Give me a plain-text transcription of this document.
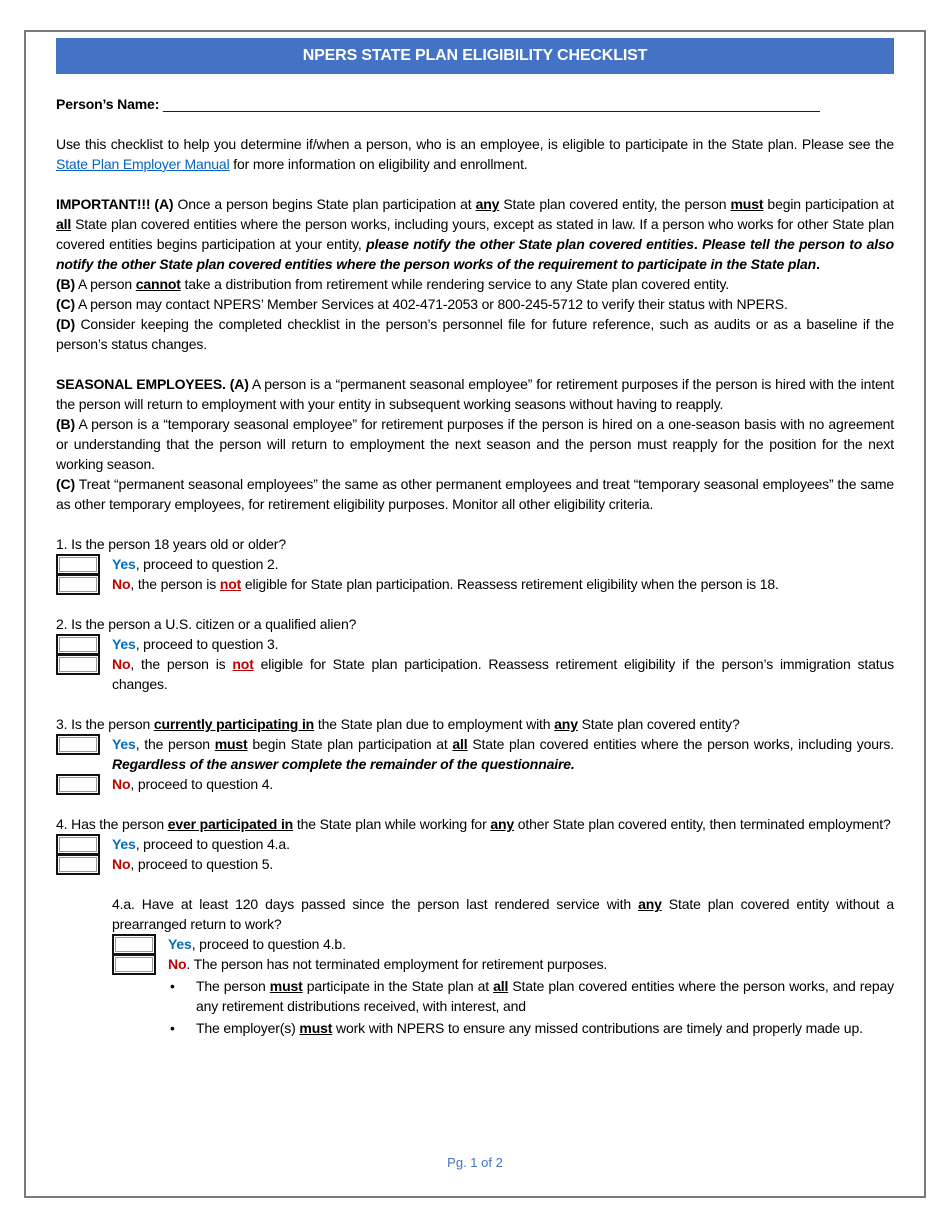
NPERS STATE PLAN ELIGIBILITY CHECKLIST

Person’s Name: ______________________________________________________________________________________

Use this checklist to help you determine if/when a person, who is an employee, is eligible to participate in the State plan. Please see the State Plan Employer Manual for more information on eligibility and enrollment.

IMPORTANT!!! (A) Once a person begins State plan participation at any State plan covered entity, the person must begin participation at all State plan covered entities where the person works, including yours, except as stated in law. If a person who works for other State plan covered entities begins participation at your entity, please notify the other State plan covered entities. Please tell the person to also notify the other State plan covered entities where the person works of the requirement to participate in the State plan.

(B) A person cannot take a distribution from retirement while rendering service to any State plan covered entity.

(C) A person may contact NPERS’ Member Services at 402-471-2053 or 800-245-5712 to verify their status with NPERS.

(D) Consider keeping the completed checklist in the person’s personnel file for future reference, such as audits or as a baseline if the person’s status changes.

SEASONAL EMPLOYEES. (A) A person is a “permanent seasonal employee” for retirement purposes if the person is hired with the intent the person will return to employment with your entity in subsequent working seasons without having to reapply.

(B) A person is a “temporary seasonal employee” for retirement purposes if the person is hired on a one-season basis with no agreement or understanding that the person will return to employment the next season and the person must reapply for the position for the next working season.

(C) Treat “permanent seasonal employees” the same as other permanent employees and treat “temporary seasonal employees” the same as other temporary employees, for retirement eligibility purposes. Monitor all other eligibility criteria.

1. Is the person 18 years old or older?

Yes, proceed to question 2.

No, the person is not eligible for State plan participation. Reassess retirement eligibility when the person is 18.

2. Is the person a U.S. citizen or a qualified alien?

Yes, proceed to question 3.

No, the person is not eligible for State plan participation. Reassess retirement eligibility if the person’s immigration status changes.

3. Is the person currently participating in the State plan due to employment with any State plan covered entity?

Yes, the person must begin State plan participation at all State plan covered entities where the person works, including yours. Regardless of the answer complete the remainder of the questionnaire.

No, proceed to question 4.

4. Has the person ever participated in the State plan while working for any other State plan covered entity, then terminated employment?

Yes, proceed to question 4.a.

No, proceed to question 5.

4.a. Have at least 120 days passed since the person last rendered service with any State plan covered entity without a prearranged return to work?

Yes, proceed to question 4.b.

No. The person has not terminated employment for retirement purposes.

• The person must participate in the State plan at all State plan covered entities where the person works, and repay any retirement distributions received, with interest, and

• The employer(s) must work with NPERS to ensure any missed contributions are timely and properly made up.

Pg. 1 of 2
